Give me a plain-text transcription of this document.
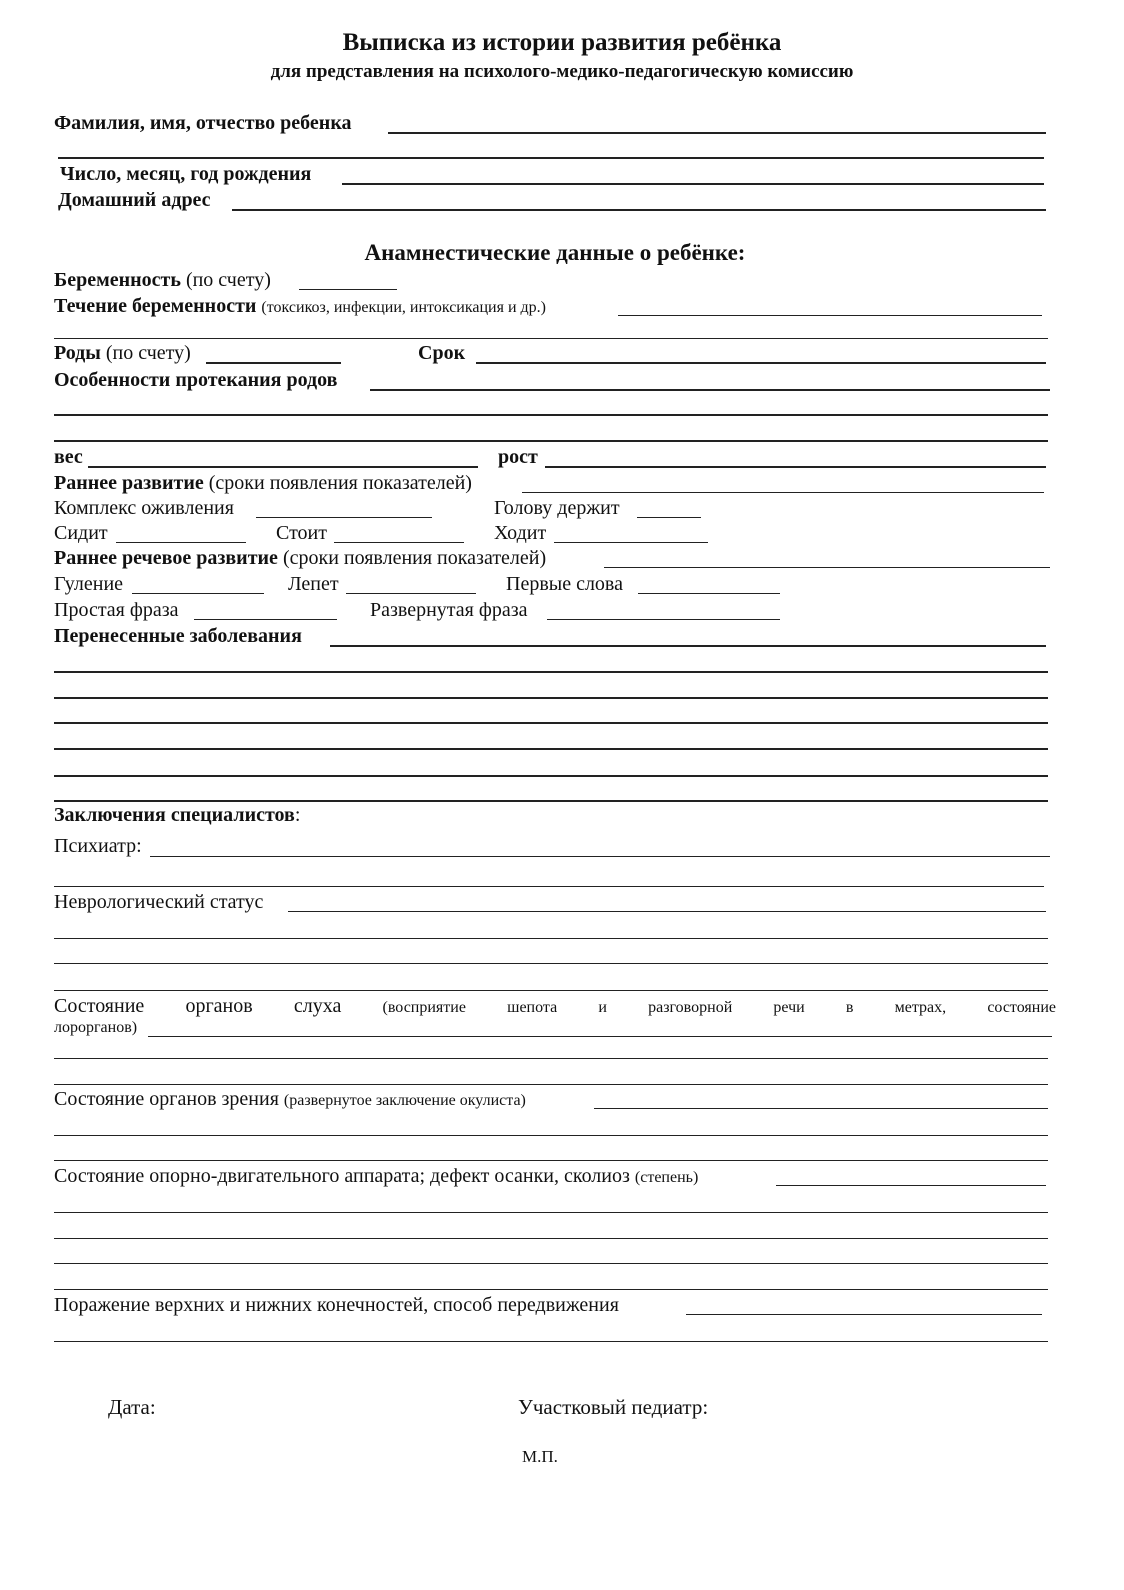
Выписка из истории развития ребёнка
для представления на психолого-медико-педагогическую комиссию
Фамилия, имя, отчество ребенка
Число, месяц, год рождения
Домашний адрес
Анамнестические данные о ребёнке:
Беременность (по счету)
Течение беременности (токсикоз, инфекции, интоксикация и др.)
Роды (по счету)	Срок
Особенности протекания родов
вес	рост
Раннее развитие (сроки появления показателей)
Комплекс оживления	Голову держит
Сидит	Стоит	Ходит
Раннее речевое развитие (сроки появления показателей)
Гуление	Лепет	Первые слова
Простая фраза	Развернутая фраза
Перенесенные заболевания
Заключения специалистов:
Психиатр:
Неврологический статус
Состояние органов слуха	(восприятие	шепота	и	разговорной	речи	в	метрах,	состояние
лорорганов)
Состояние органов зрения (развернутое заключение окулиста)
Состояние опорно-двигательного аппарата; дефект осанки, сколиоз (степень)
Поражение верхних и нижних конечностей, способ передвижения
Дата:	Участковый педиатр:
М.П.
